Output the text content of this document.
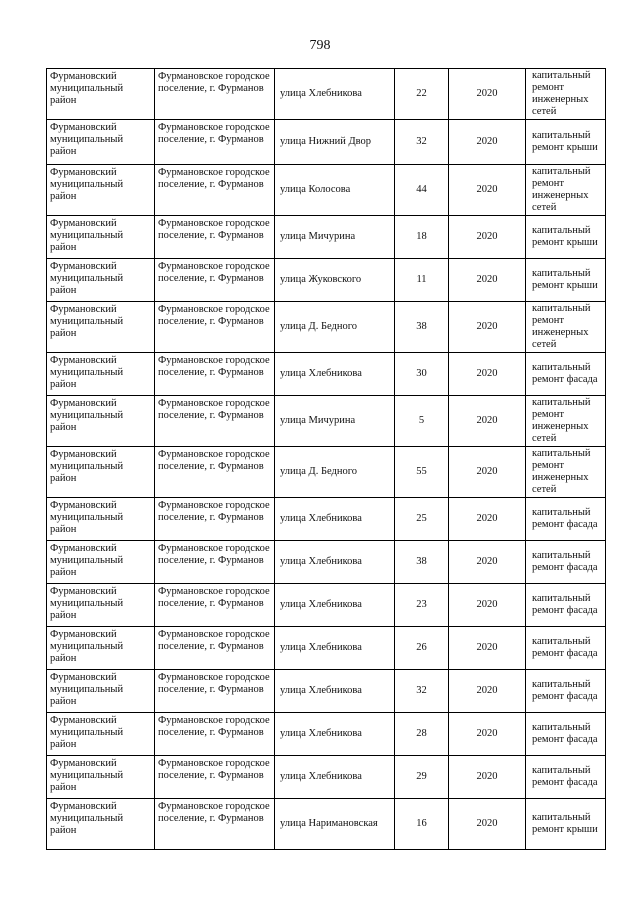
798
Фурмановский муниципальный район	Фурмановское городское поселение, г. Фурманов	улица Хлебникова	22	2020	капитальный ремонт инженерных сетей
Фурмановский муниципальный район	Фурмановское городское поселение, г. Фурманов	улица Нижний Двор	32	2020	капитальный ремонт крыши
Фурмановский муниципальный район	Фурмановское городское поселение, г. Фурманов	улица Колосова	44	2020	капитальный ремонт инженерных сетей
Фурмановский муниципальный район	Фурмановское городское поселение, г. Фурманов	улица Мичурина	18	2020	капитальный ремонт крыши
Фурмановский муниципальный район	Фурмановское городское поселение, г. Фурманов	улица Жуковского	11	2020	капитальный ремонт крыши
Фурмановский муниципальный район	Фурмановское городское поселение, г. Фурманов	улица Д. Бедного	38	2020	капитальный ремонт инженерных сетей
Фурмановский муниципальный район	Фурмановское городское поселение, г. Фурманов	улица Хлебникова	30	2020	капитальный ремонт фасада
Фурмановский муниципальный район	Фурмановское городское поселение, г. Фурманов	улица Мичурина	5	2020	капитальный ремонт инженерных сетей
Фурмановский муниципальный район	Фурмановское городское поселение, г. Фурманов	улица Д. Бедного	55	2020	капитальный ремонт инженерных сетей
Фурмановский муниципальный район	Фурмановское городское поселение, г. Фурманов	улица Хлебникова	25	2020	капитальный ремонт фасада
Фурмановский муниципальный район	Фурмановское городское поселение, г. Фурманов	улица Хлебникова	38	2020	капитальный ремонт фасада
Фурмановский муниципальный район	Фурмановское городское поселение, г. Фурманов	улица Хлебникова	23	2020	капитальный ремонт фасада
Фурмановский муниципальный район	Фурмановское городское поселение, г. Фурманов	улица Хлебникова	26	2020	капитальный ремонт фасада
Фурмановский муниципальный район	Фурмановское городское поселение, г. Фурманов	улица Хлебникова	32	2020	капитальный ремонт фасада
Фурмановский муниципальный район	Фурмановское городское поселение, г. Фурманов	улица Хлебникова	28	2020	капитальный ремонт фасада
Фурмановский муниципальный район	Фурмановское городское поселение, г. Фурманов	улица Хлебникова	29	2020	капитальный ремонт фасада
Фурмановский муниципальный район	Фурмановское городское поселение, г. Фурманов	улица Наримановская	16	2020	капитальный ремонт крыши
